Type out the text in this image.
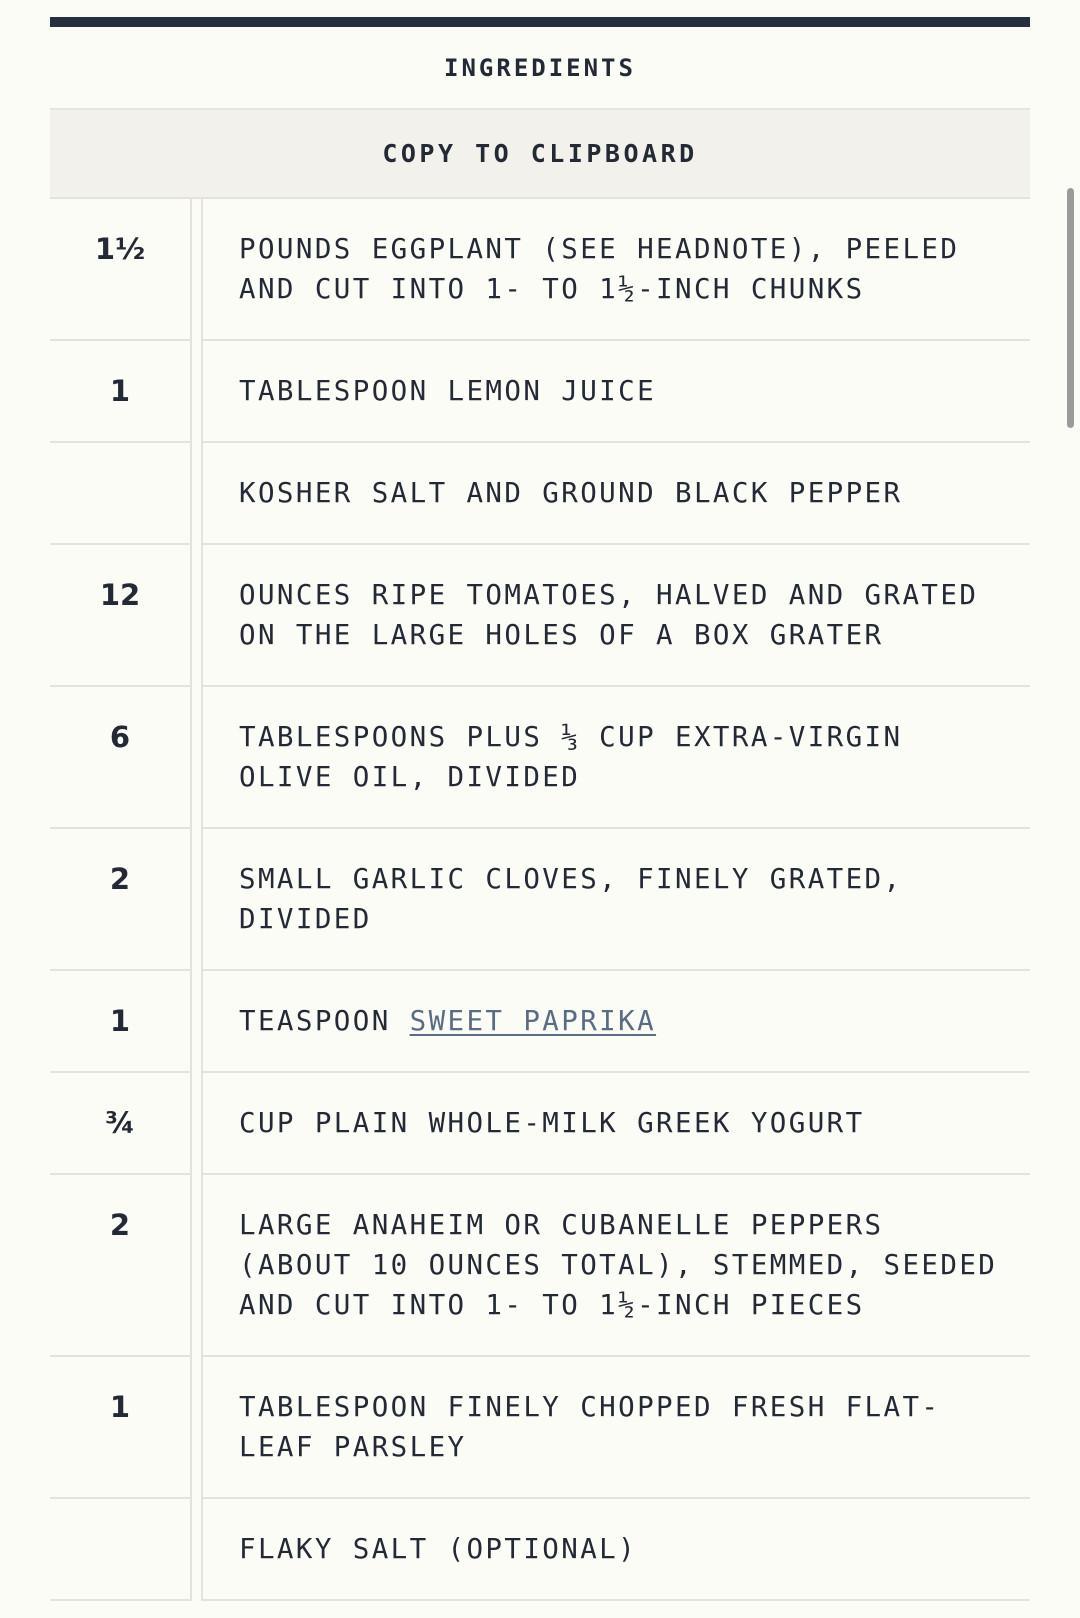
INGREDIENTS
COPY TO CLIPBOARD
1½	POUNDS EGGPLANT (SEE HEADNOTE), PEELED AND CUT INTO 1- TO 1½-INCH CHUNKS
1	TABLESPOON LEMON JUICE
KOSHER SALT AND GROUND BLACK PEPPER
12	OUNCES RIPE TOMATOES, HALVED AND GRATED ON THE LARGE HOLES OF A BOX GRATER
6	TABLESPOONS PLUS ⅓ CUP EXTRA-VIRGIN OLIVE OIL, DIVIDED
2	SMALL GARLIC CLOVES, FINELY GRATED, DIVIDED
1	TEASPOON SWEET PAPRIKA
¾	CUP PLAIN WHOLE-MILK GREEK YOGURT
2	LARGE ANAHEIM OR CUBANELLE PEPPERS (ABOUT 10 OUNCES TOTAL), STEMMED, SEEDED AND CUT INTO 1- TO 1½-INCH PIECES
1	TABLESPOON FINELY CHOPPED FRESH FLAT-LEAF PARSLEY
FLAKY SALT (OPTIONAL)
